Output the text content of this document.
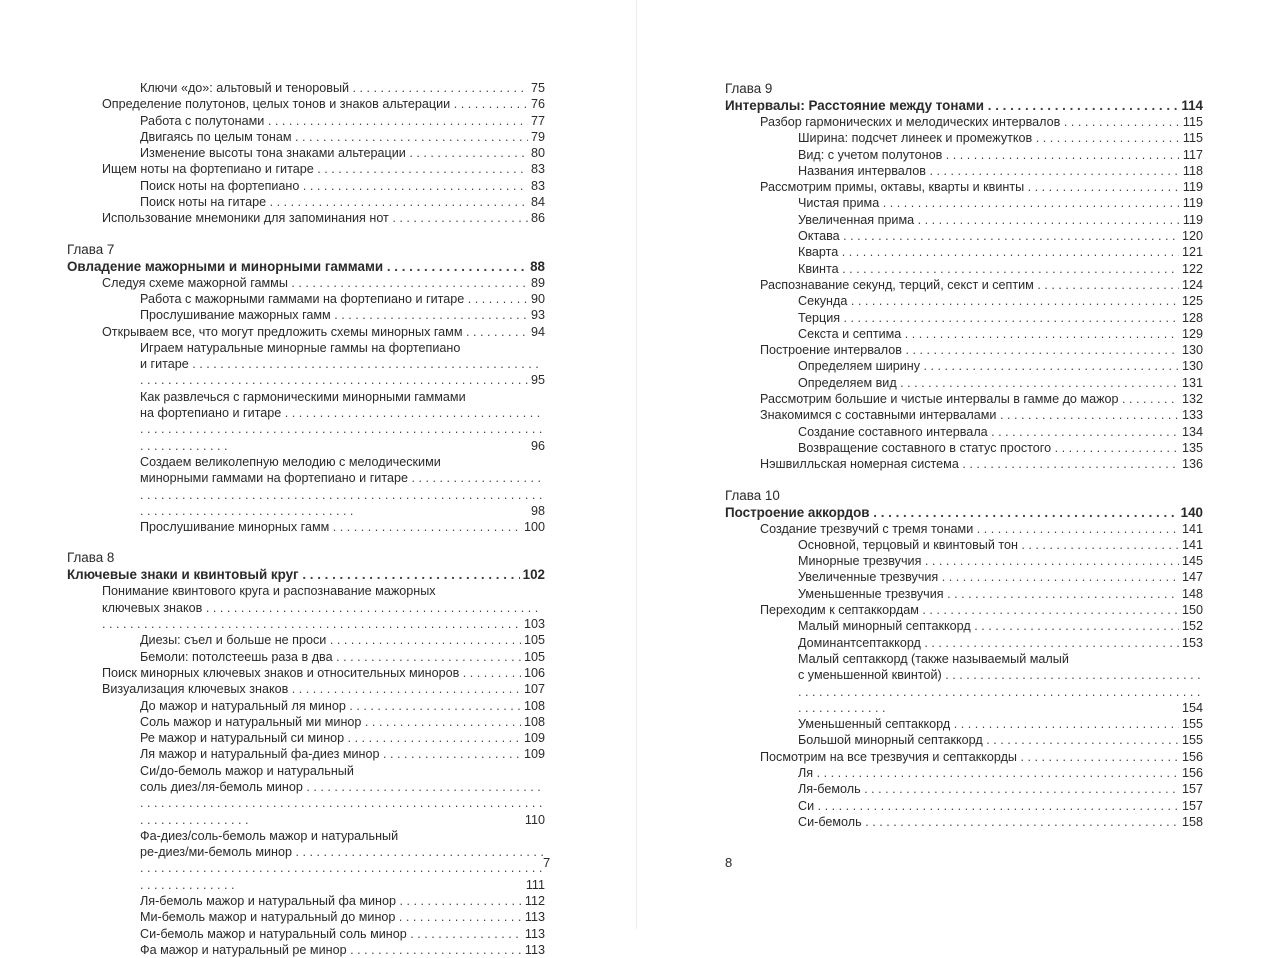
Ключи «до»: альтовый и теноровый . . .	75
Определение полутонов, целых тонов и знаков альтерации . . .	76
Работа с полутонами . . .	77
Двигаясь по целым тонам . . .	79
Изменение высоты тона знаками альтерации . . .	80
Ищем ноты на фортепиано и гитаре . . .	83
Поиск ноты на фортепиано . . .	83
Поиск ноты на гитаре . . .	84
Использование мнемоники для запоминания нот . . .	86
Глава 7
Овладение мажорными и минорными гаммами . . .	88
Следуя схеме мажорной гаммы . . .	89
Работа с мажорными гаммами на фортепиано и гитаре . . .	90
Прослушивание мажорных гамм . . .	93
Открываем все, что могут предложить схемы минорных гамм . . .	94
Играем натуральные минорные гаммы на фортепиано
и гитаре . . .
95
Как развлечься с гармоническими минорными гаммами
на фортепиано и гитаре . . .
96
Создаем великолепную мелодию с мелодическими
минорными гаммами на фортепиано и гитаре . . .
98
Прослушивание минорных гамм . . .	100
Глава 8
Ключевые знаки и квинтовый круг . . .	102
Понимание квинтового круга и распознавание мажорных
ключевых знаков . . .
103
Диезы: съел и больше не проси . . .	105
Бемоли: потолстеешь раза в два . . .	105
Поиск минорных ключевых знаков и относительных миноров . . .	106
Визуализация ключевых знаков . . .	107
До мажор и натуральный ля минор . . .	108
Соль мажор и натуральный ми минор . . .	108
Ре мажор и натуральный си минор . . .	109
Ля мажор и натуральный фа-диез минор . . .	109
Си/до-бемоль мажор и натуральный
соль диез/ля-бемоль минор . . .
110
Фа-диез/соль-бемоль мажор и натуральный
ре-диез/ми-бемоль минор . . .
111
Ля-бемоль мажор и натуральный фа минор . . .	112
Ми-бемоль мажор и натуральный до минор . . .	113
Си-бемоль мажор и натуральный соль минор . . .	113
Фа мажор и натуральный ре минор . . .	113
7
Глава 9
Интервалы: Расстояние между тонами . . .	114
Разбор гармонических и мелодических интервалов . . .	115
Ширина: подсчет линеек и промежутков . . .	115
Вид: с учетом полутонов . . .	117
Названия интервалов . . .	118
Рассмотрим примы, октавы, кварты и квинты . . .	119
Чистая прима . . .	119
Увеличенная прима . . .	119
Октава . . .	120
Кварта . . .	121
Квинта . . .	122
Распознавание секунд, терций, секст и септим . . .	124
Секунда . . .	125
Терция . . .	128
Секста и септима . . .	129
Построение интервалов . . .	130
Определяем ширину . . .	130
Определяем вид . . .	131
Рассмотрим большие и чистые интервалы в гамме до мажор . . .	132
Знакомимся с составными интервалами . . .	133
Создание составного интервала . . .	134
Возвращение составного в статус простого . . .	135
Нэшвилльская номерная система . . .	136
Глава 10
Построение аккордов . . .	140
Создание трезвучий с тремя тонами . . .	141
Основной, терцовый и квинтовый тон . . .	141
Минорные трезвучия . . .	145
Увеличенные трезвучия . . .	147
Уменьшенные трезвучия . . .	148
Переходим к септаккордам . . .	150
Малый минорный септаккорд . . .	152
Доминантсептаккорд . . .	153
Малый септаккорд (также называемый малый
с уменьшенной квинтой) . . .
154
Уменьшенный септаккорд . . .	155
Большой минорный септаккорд . . .	155
Посмотрим на все трезвучия и септаккорды . . .	156
Ля . . .	156
Ля-бемоль . . .	157
Си . . .	157
Си-бемоль . . .	158
8
